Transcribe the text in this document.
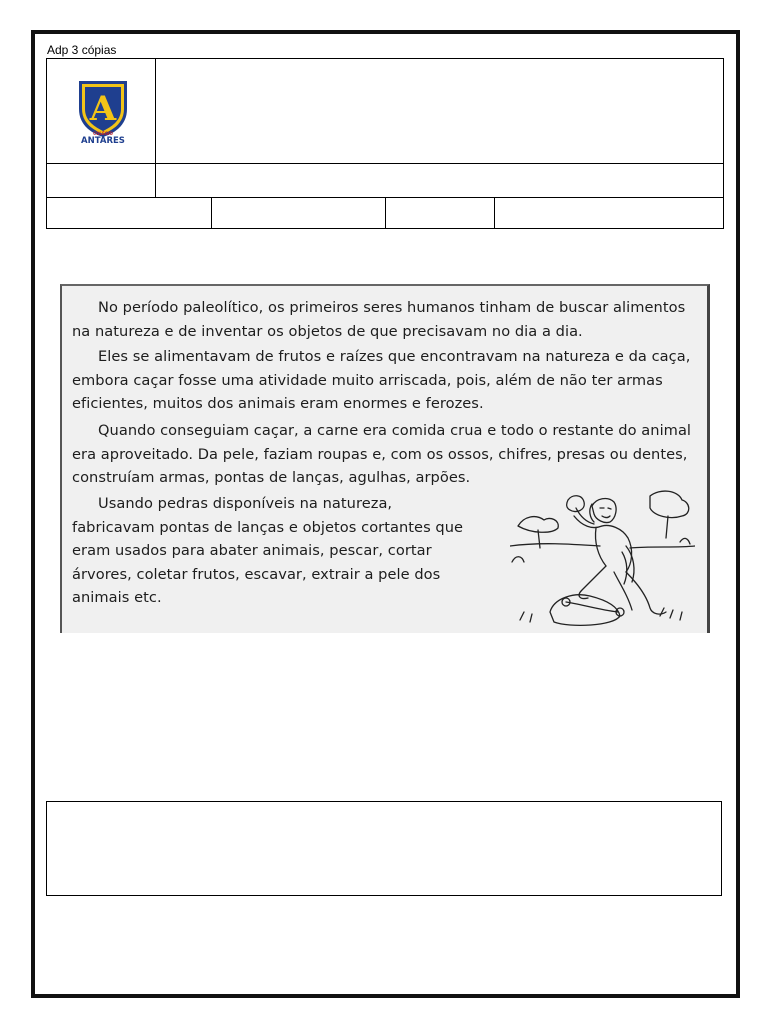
Adp 3 cópias
A
COLÉGIO
ANTARES

No período paleolítico, os primeiros seres humanos tinham de buscar alimentos na natureza e de inventar os objetos de que precisavam no dia a dia.

Eles se alimentavam de frutos e raízes que encontravam na natureza e da caça, embora caçar fosse uma atividade muito arriscada, pois, além de não ter armas eficientes, muitos dos animais eram enormes e ferozes.

Quando conseguiam caçar, a carne era comida crua e todo o restante do animal era aproveitado. Da pele, faziam roupas e, com os ossos, chifres, presas ou dentes, construíam armas, pontas de lanças, agulhas, arpões.

Usando pedras disponíveis na natureza, fabricavam pontas de lanças e objetos cortantes que eram usados para abater animais, pescar, cortar árvores, coletar frutos, escavar, extrair a pele dos animais etc.
